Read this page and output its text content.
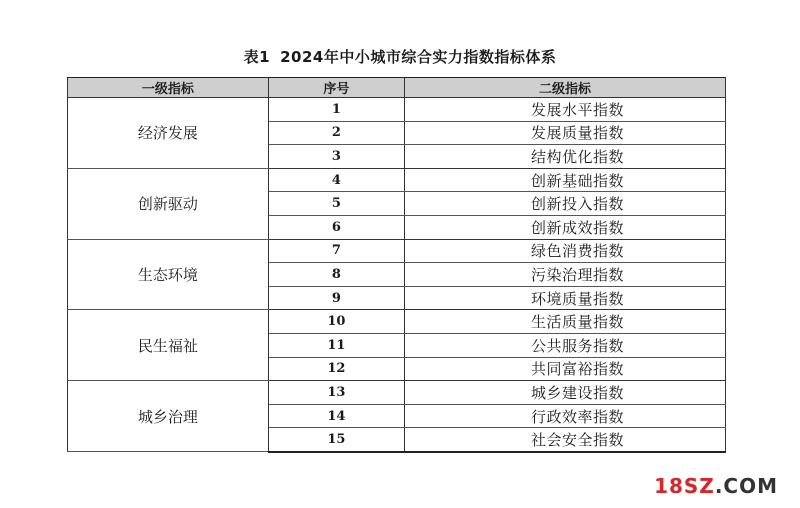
表1 2024年中小城市综合实力指数指标体系
一级指标	序号	二级指标
经济发展	1	发展水平指数
	2	发展质量指数
	3	结构优化指数
创新驱动	4	创新基础指数
	5	创新投入指数
	6	创新成效指数
生态环境	7	绿色消费指数
	8	污染治理指数
	9	环境质量指数
民生福祉	10	生活质量指数
	11	公共服务指数
	12	共同富裕指数
城乡治理	13	城乡建设指数
	14	行政效率指数
	15	社会安全指数
18SZ.COM
